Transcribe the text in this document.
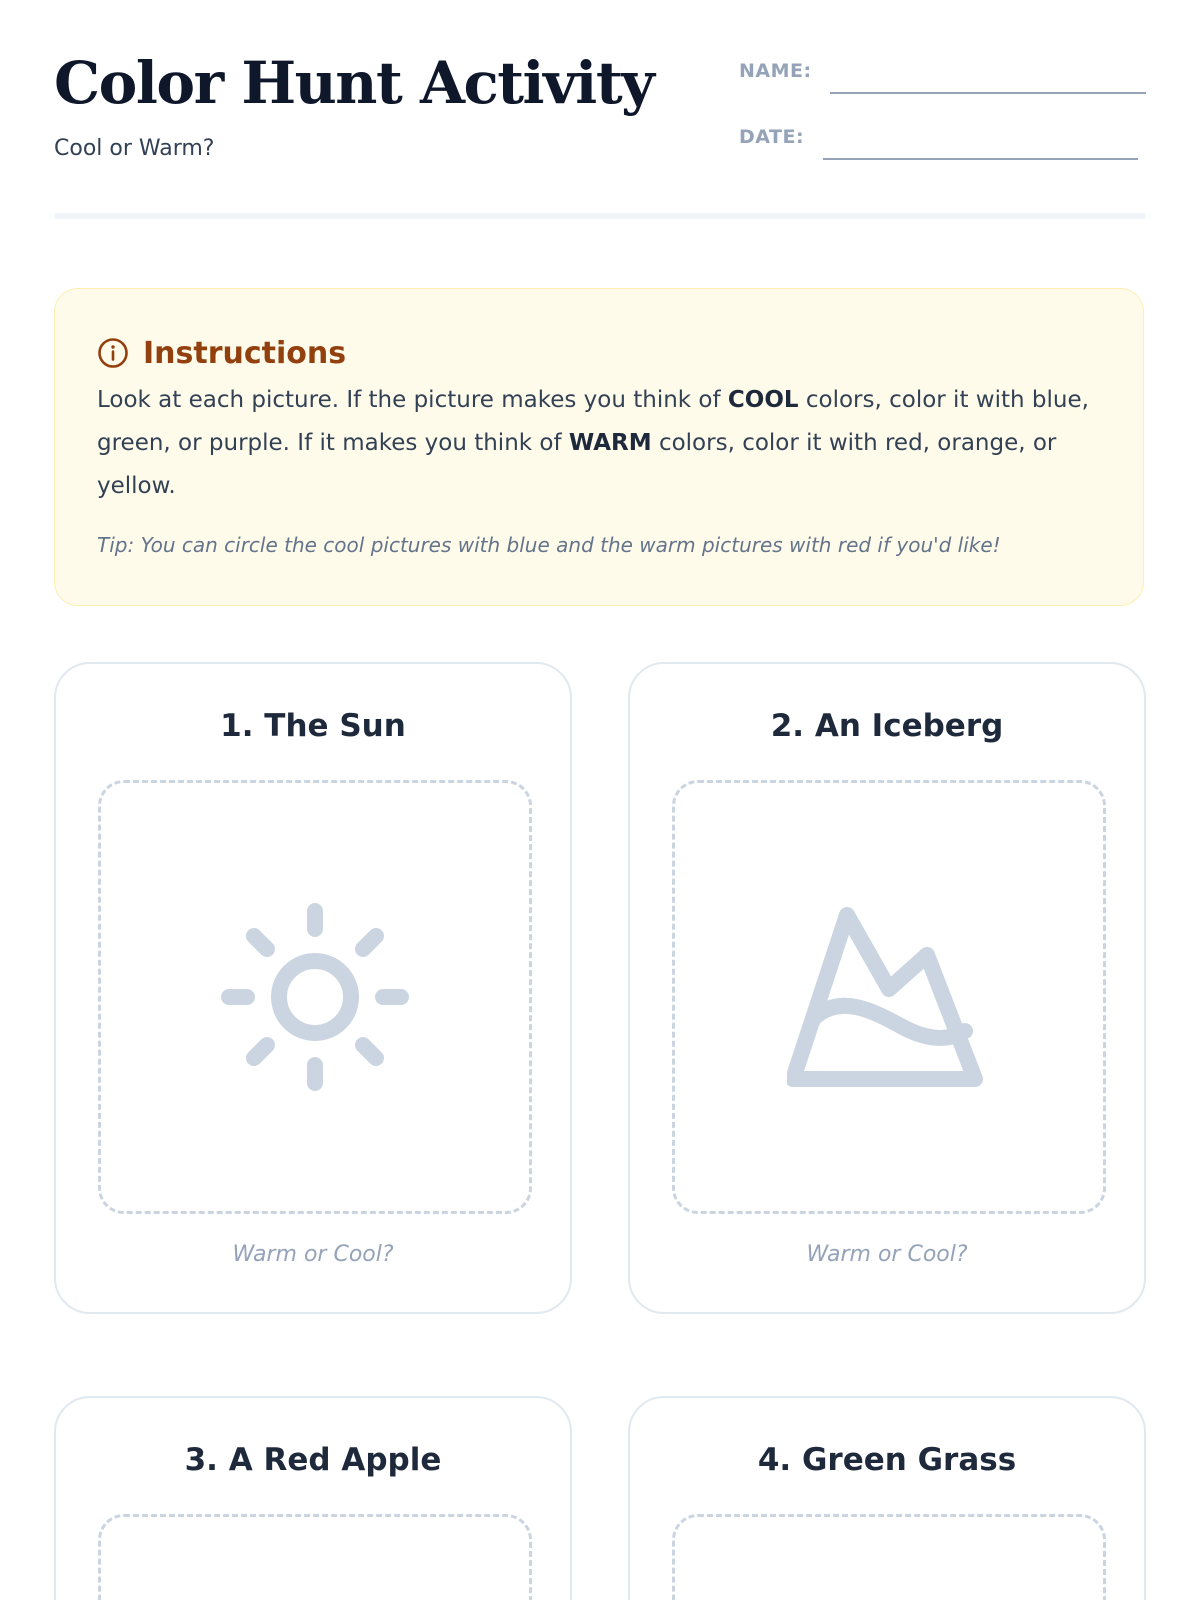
Color Hunt Activity
Cool or Warm?
NAME:
DATE:
Instructions
Look at each picture. If the picture makes you think of COOL colors, color it with blue, green, or purple. If it makes you think of WARM colors, color it with red, orange, or yellow.
Tip: You can circle the cool pictures with blue and the warm pictures with red if you'd like!
1. The Sun
Warm or Cool?
2. An Iceberg
Warm or Cool?
3. A Red Apple	4. Green Grass
